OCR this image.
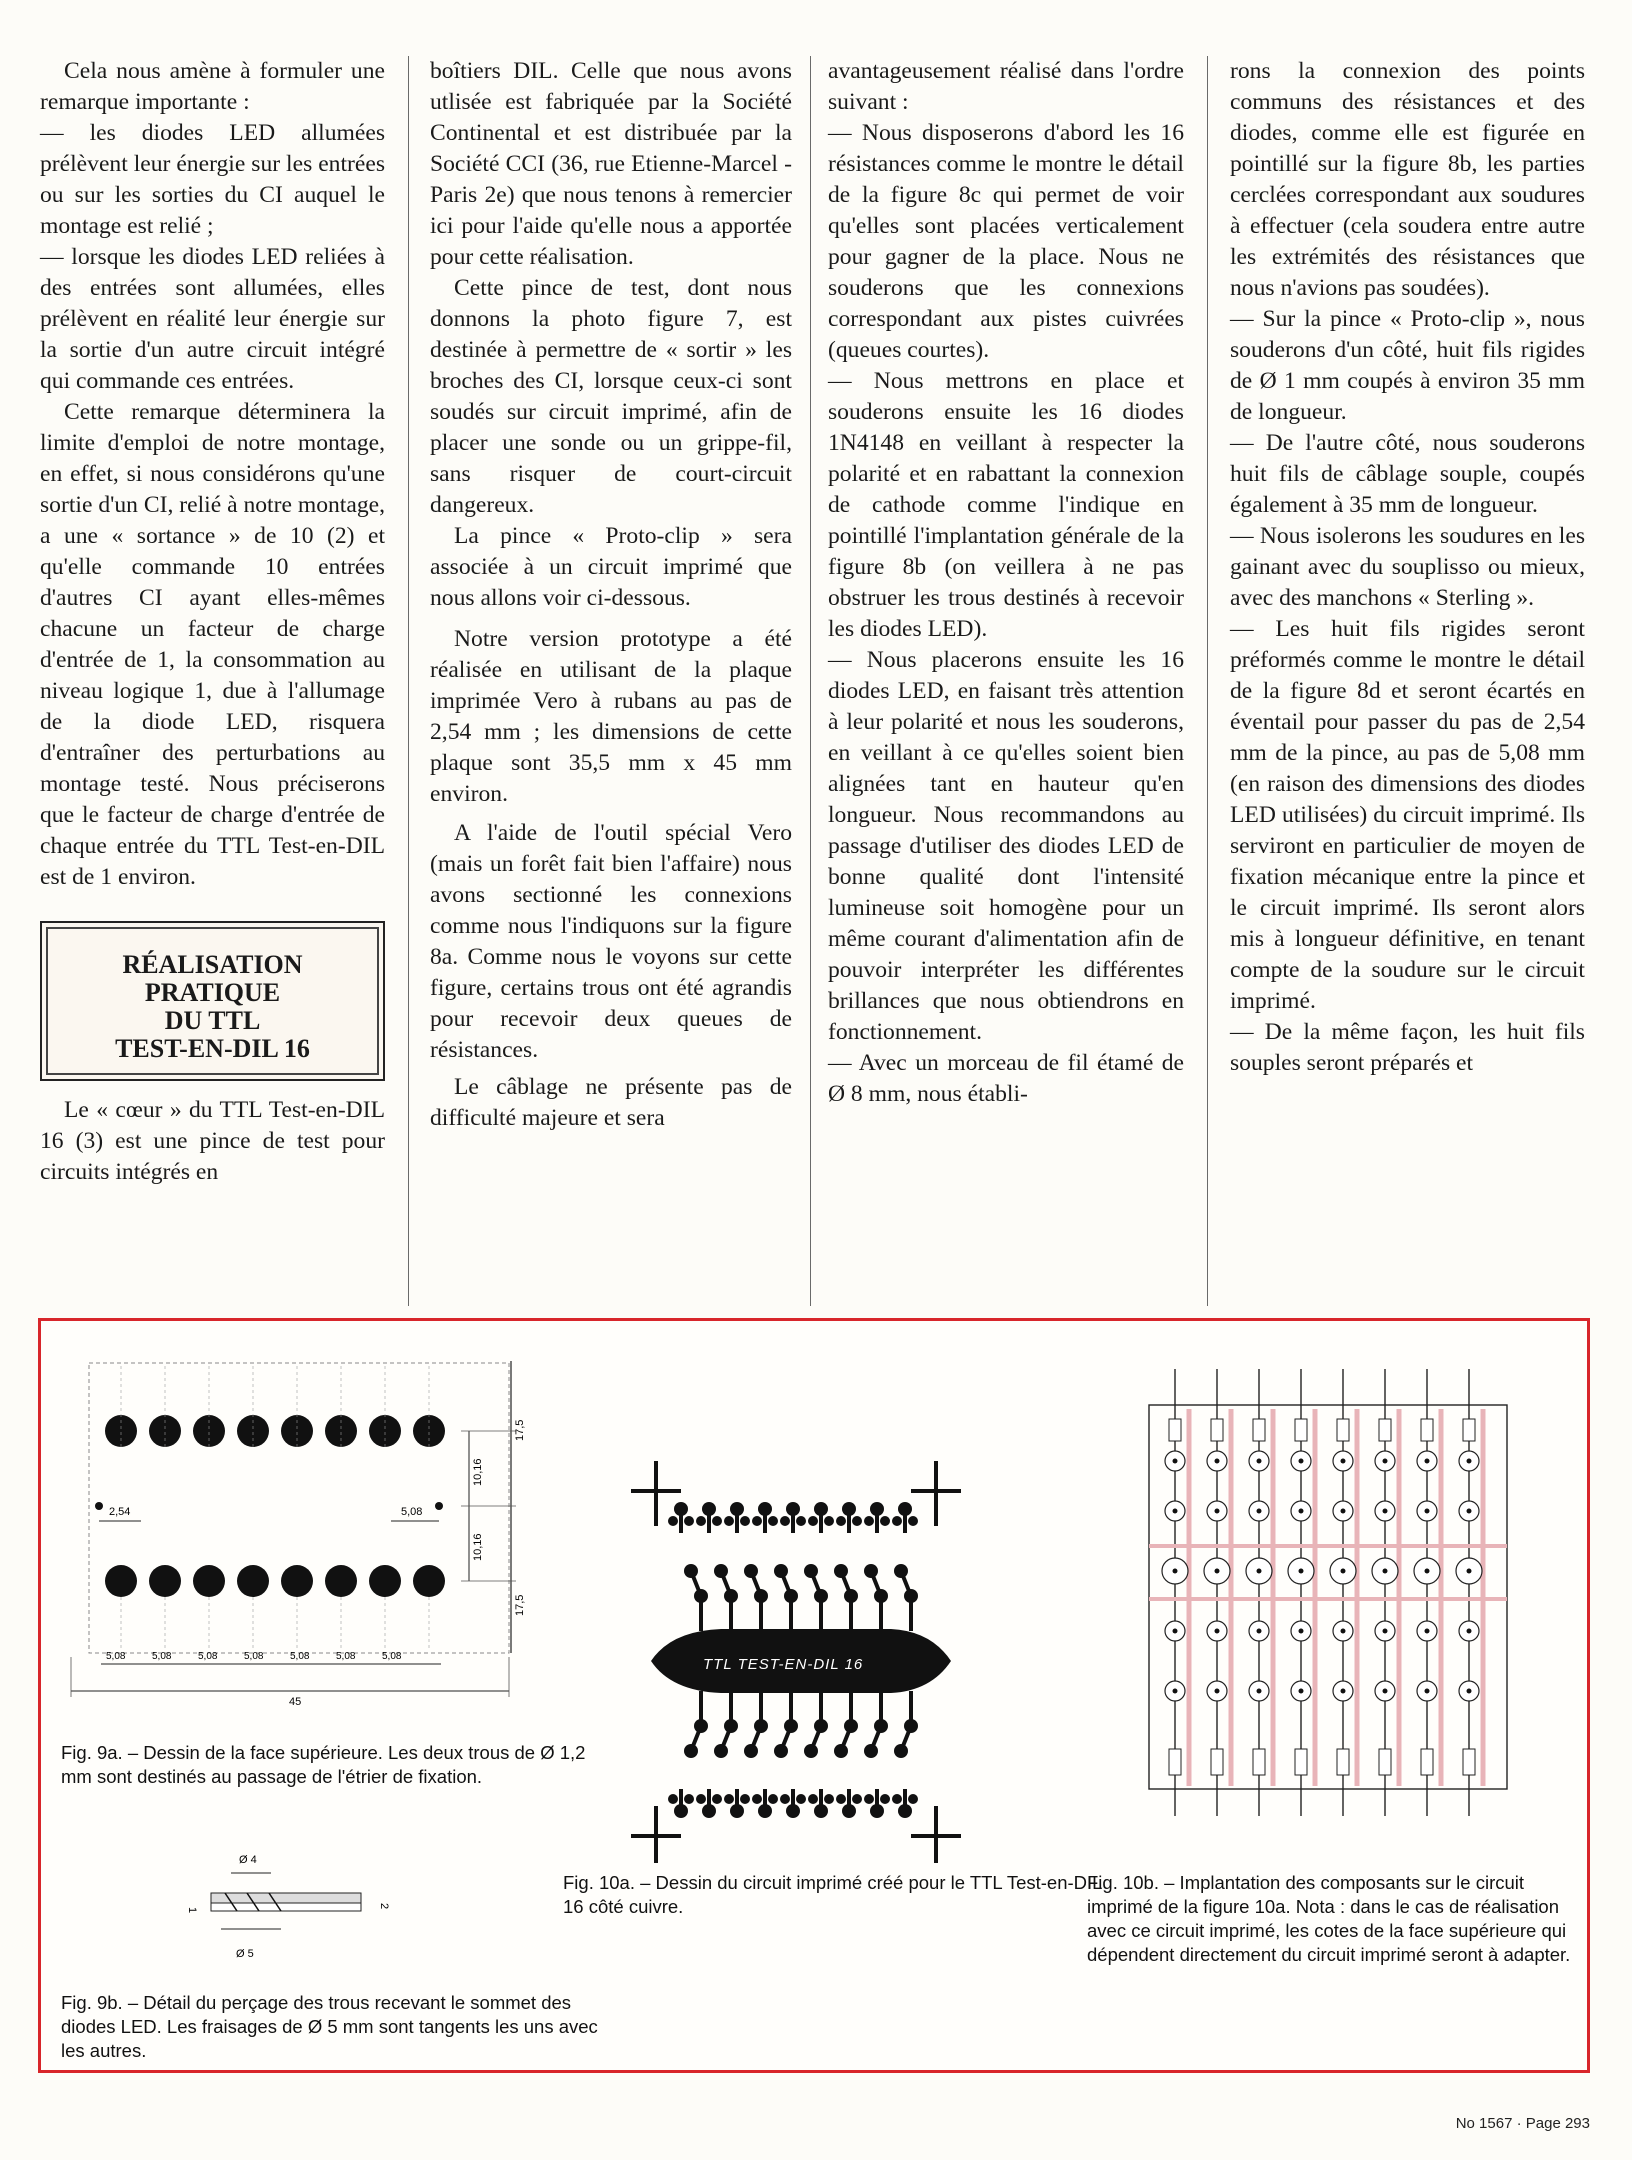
Cela nous amène à formuler une remarque importante :

— les diodes LED allumées prélèvent leur énergie sur les entrées ou sur les sorties du CI auquel le montage est relié ;

— lorsque les diodes LED reliées à des entrées sont allumées, elles prélèvent en réalité leur énergie sur la sortie d'un autre circuit intégré qui commande ces entrées.

Cette remarque déterminera la limite d'emploi de notre montage, en effet, si nous considérons qu'une sortie d'un CI, relié à notre montage, a une « sortance » de 10 (2) et qu'elle commande 10 entrées d'autres CI ayant elles-mêmes chacune un facteur de charge d'entrée de 1, la consommation au niveau logique 1, due à l'allumage de la diode LED, risquera d'entraîner des perturbations au montage testé. Nous préciserons que le facteur de charge d'entrée de chaque entrée du TTL Test-en-DIL est de 1 environ.

RÉALISATION
PRATIQUE
DU TTL
TEST-EN-DIL 16

Le « cœur » du TTL Test-en-DIL 16 (3) est une pince de test pour circuits intégrés en

boîtiers DIL. Celle que nous avons utlisée est fabriquée par la Société Continental et est distribuée par la Société CCI (36, rue Etienne-Marcel - Paris 2e) que nous tenons à remercier ici pour l'aide qu'elle nous a apportée pour cette réalisation.

Cette pince de test, dont nous donnons la photo figure 7, est destinée à permettre de « sortir » les broches des CI, lorsque ceux-ci sont soudés sur circuit imprimé, afin de placer une sonde ou un grippe-fil, sans risquer de court-circuit dangereux.

La pince « Proto-clip » sera associée à un circuit imprimé que nous allons voir ci-dessous.

Notre version prototype a été réalisée en utilisant de la plaque imprimée Vero à rubans au pas de 2,54 mm ; les dimensions de cette plaque sont 35,5 mm x 45 mm environ.

A l'aide de l'outil spécial Vero (mais un forêt fait bien l'affaire) nous avons sectionné les connexions comme nous l'indiquons sur la figure 8a. Comme nous le voyons sur cette figure, certains trous ont été agrandis pour recevoir deux queues de résistances.

Le câblage ne présente pas de difficulté majeure et sera

avantageusement réalisé dans l'ordre suivant :

— Nous disposerons d'abord les 16 résistances comme le montre le détail de la figure 8c qui permet de voir qu'elles sont placées verticalement pour gagner de la place. Nous ne souderons que les connexions correspondant aux pistes cuivrées (queues courtes).

— Nous mettrons en place et souderons ensuite les 16 diodes 1N4148 en veillant à respecter la polarité et en rabattant la connexion de cathode comme l'indique en pointillé l'implantation générale de la figure 8b (on veillera à ne pas obstruer les trous destinés à recevoir les diodes LED).

— Nous placerons ensuite les 16 diodes LED, en faisant très attention à leur polarité et nous les souderons, en veillant à ce qu'elles soient bien alignées tant en hauteur qu'en longueur. Nous recommandons au passage d'utiliser des diodes LED de bonne qualité dont l'intensité lumineuse soit homogène pour un même courant d'alimentation afin de pouvoir interpréter les différentes brillances que nous obtiendrons en fonctionnement.

— Avec un morceau de fil étamé de Ø 8 mm, nous établi-

rons la connexion des points communs des résistances et des diodes, comme elle est figurée en pointillé sur la figure 8b, les parties cerclées correspondant aux soudures à effectuer (cela soudera entre autre les extrémités des résistances que nous n'avions pas soudées).

— Sur la pince « Proto-clip », nous souderons d'un côté, huit fils rigides de Ø 1 mm coupés à environ 35 mm de longueur.

— De l'autre côté, nous souderons huit fils de câblage souple, coupés également à 35 mm de longueur.

— Nous isolerons les soudures en les gainant avec du souplisso ou mieux, avec des manchons « Sterling ».

— Les huit fils rigides seront préformés comme le montre le détail de la figure 8d et seront écartés en éventail pour passer du pas de 2,54 mm de la pince, au pas de 5,08 mm (en raison des dimensions des diodes LED utilisées) du circuit imprimé. Ils serviront en particulier de moyen de fixation mécanique entre la pince et le circuit imprimé. Ils seront alors mis à longueur définitive, en tenant compte de la soudure sur le circuit imprimé.

— De la même façon, les huit fils souples seront préparés et

17,5
10,16
10,16
17,5
2,54	5,08
5,08	5,08	5,08	5,08	5,08	5,08	5,08
45
Fig. 9a. – Dessin de la face supérieure. Les deux trous de Ø 1,2 mm sont destinés au passage de l'étrier de fixation.
Ø 4
Ø 5
1
2
Fig. 9b. – Détail du perçage des trous recevant le sommet des diodes LED. Les fraisages de Ø 5 mm sont tangents les uns avec les autres.
TTL TEST-EN-DIL 16
Fig. 10a. – Dessin du circuit imprimé créé pour le TTL Test-en-DIL 16 côté cuivre.
Fig. 10b. – Implantation des composants sur le circuit imprimé de la figure 10a. Nota : dans le cas de réalisation avec ce circuit imprimé, les cotes de la face supérieure qui dépendent directement du circuit imprimé seront à adapter.
No 1567 · Page 293
